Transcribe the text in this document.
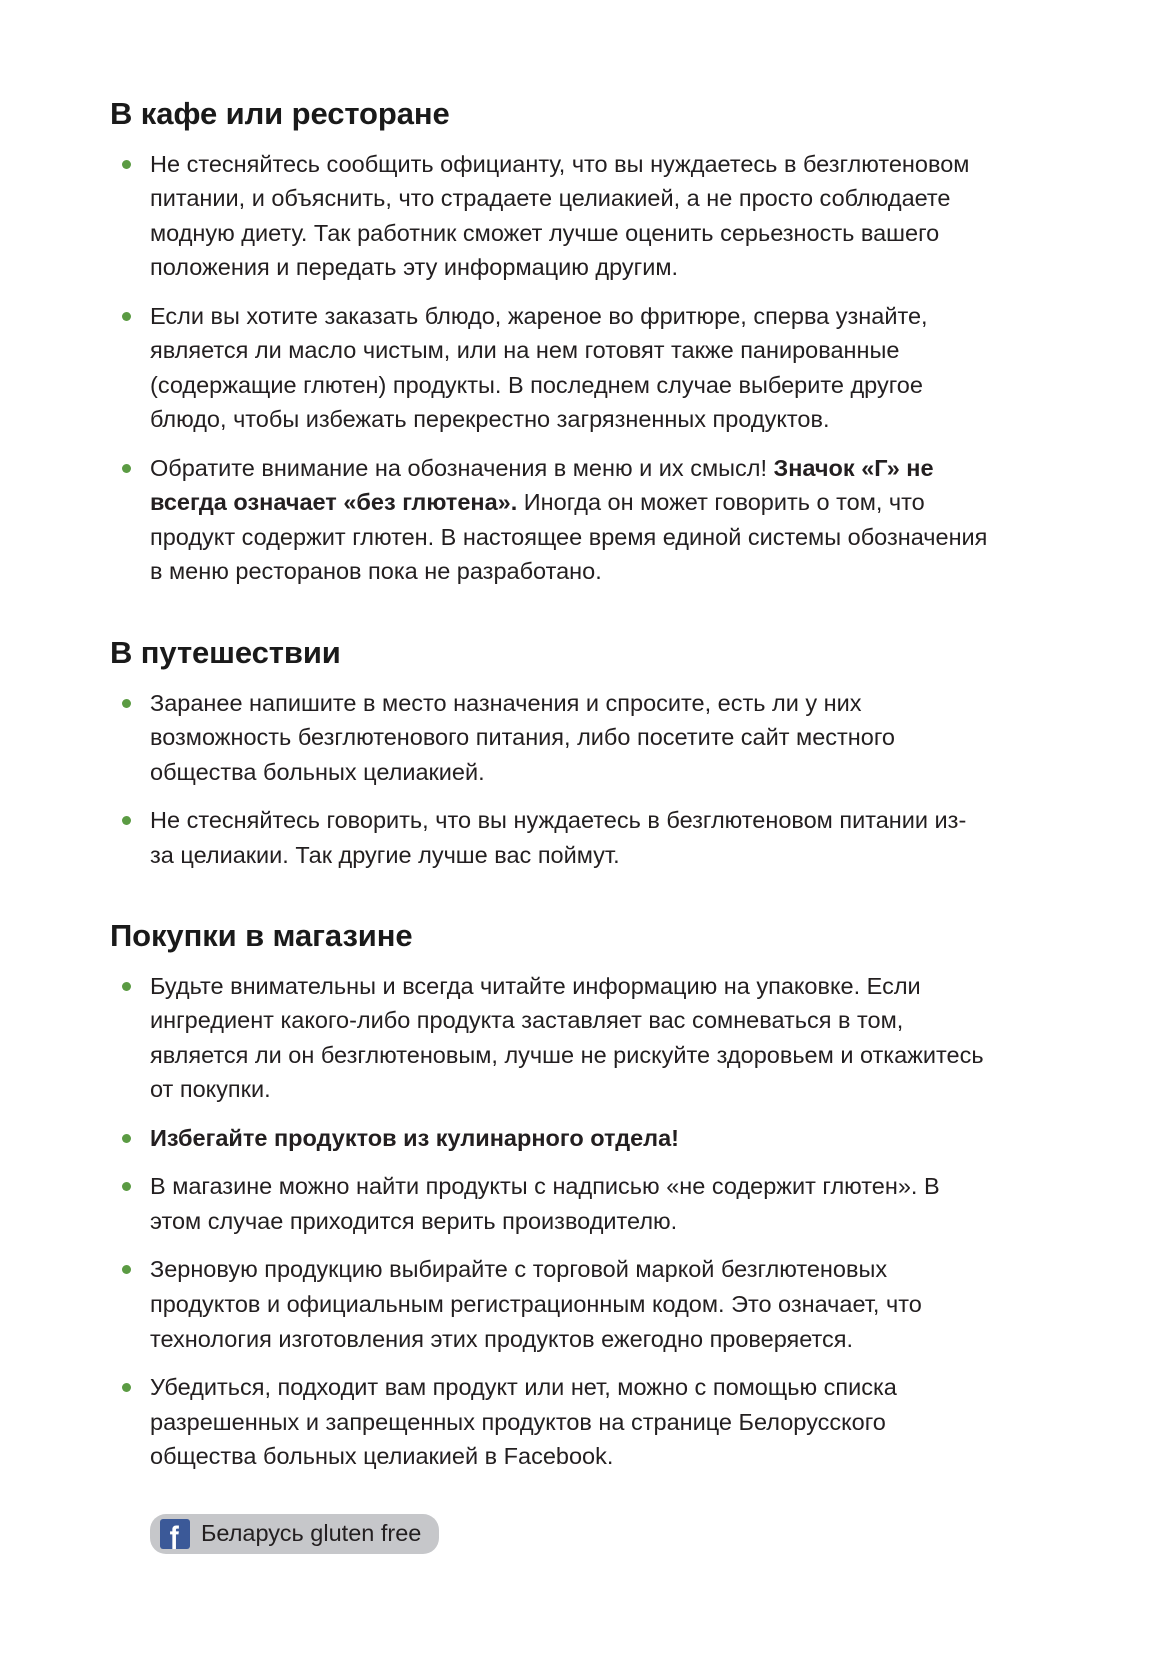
В кафе или ресторане
Не стесняйтесь сообщить официанту, что вы нуждаетесь в безглютеновом питании, и объяснить, что страдаете целиакией, а не просто соблюдаете модную диету. Так работник сможет лучше оценить серьезность вашего положения и передать эту информацию другим.
Если вы хотите заказать блюдо, жареное во фритюре, сперва узнайте, является ли масло чистым, или на нем готовят также панированные (содержащие глютен) продукты. В последнем случае выберите другое блюдо, чтобы избежать перекрестно загрязненных продуктов.
Обратите внимание на обозначения в меню и их смысл! Значок «Г» не всегда означает «без глютена». Иногда он может говорить о том, что продукт содержит глютен. В настоящее время единой системы обозначения в меню ресторанов пока не разработано.
В путешествии
Заранее напишите в место назначения и спросите, есть ли у них возможность безглютенового питания, либо посетите сайт местного общества больных целиакией.
Не стесняйтесь говорить, что вы нуждаетесь в безглютеновом питании из-за целиакии. Так другие лучше вас поймут.
Покупки в магазине
Будьте внимательны и всегда читайте информацию на упаковке. Если ингредиент какого-либо продукта заставляет вас сомневаться в том, является ли он безглютеновым, лучше не рискуйте здоровьем и откажитесь от покупки.
Избегайте продуктов из кулинарного отдела!
В магазине можно найти продукты с надписью «не содержит глютен». В этом случае приходится верить производителю.
Зерновую продукцию выбирайте с торговой маркой безглютеновых продуктов и официальным регистрационным кодом. Это означает, что технология изготовления этих продуктов ежегодно проверяется.
Убедиться, подходит вам продукт или нет, можно с помощью списка разрешенных и запрещенных продуктов на странице Белорусского общества больных целиакией в Facebook.
Беларусь gluten free
